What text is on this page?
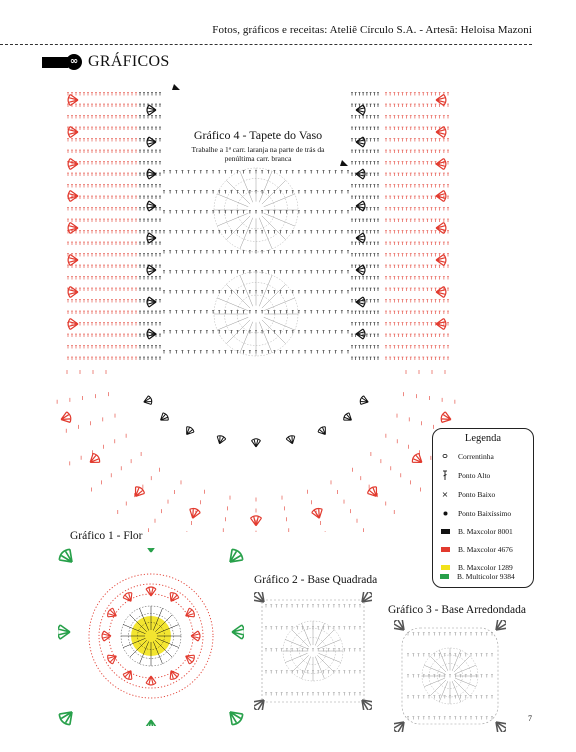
Fotos, gráficos e receitas: Ateliê Círculo S.A. - Artesã: Heloisa Mazoni
∞ GRÁFICOS
Gráfico 4 - Tapete do Vaso
Trabalhe a 1ª carr. laranja na parte de trás da penúltima carr. branca
Legenda
Correntinha
Ponto Alto
×	Ponto Baixo
Ponto Baixíssimo
B. Maxcolor 8001
B. Maxcolor 4676
B. Maxcolor 1289
B. Multicolor 9384
Gráfico 1 - Flor
Gráfico 2 - Base Quadrada
Gráfico 3 - Base Arredondada
7
